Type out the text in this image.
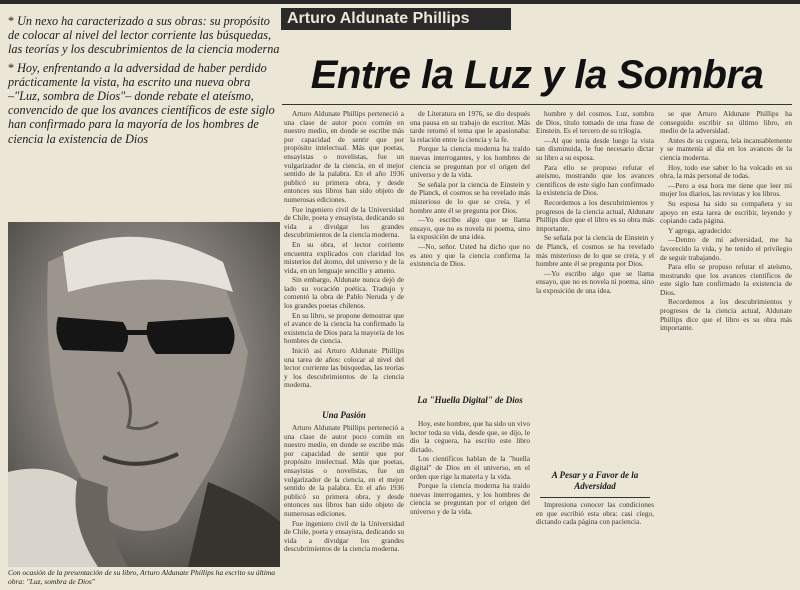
* Un nexo ha caracterizado a sus obras: su propósito de colocar al nivel del lector corriente las búsquedas, las teorías y los descubrimientos de la ciencia moderna
* Hoy, enfrentando a la adversidad de haber perdido prácticamente la vista, ha escrito una nueva obra –"Luz, sombra de Dios"– donde rebate el ateísmo, convencido de que los avances científicos de este siglo han confirmado para la mayoría de los hombres de ciencia la existencia de Dios
Arturo Aldunate Phillips
Entre la Luz y la Sombra
Con ocasión de la presentación de su libro, Arturo Aldunate Phillips ha escrito su última obra: "Luz, sombra de Dios"

Arturo Aldunate Phillips perteneció a una clase de autor poco común en nuestro medio, en donde se escribe más por capacidad de sentir que por propósito intelectual. Más que poetas, ensayistas o novelistas, fue un vulgarizador de la ciencia, en el mejor sentido de la palabra. En el año 1936 publicó su primera obra, y desde entonces sus libros han sido objeto de numerosas ediciones.

Fue ingeniero civil de la Universidad de Chile, poeta y ensayista, dedicando su vida a divulgar los grandes descubrimientos de la ciencia moderna.

En su obra, el lector corriente encuentra explicados con claridad los misterios del átomo, del universo y de la vida, en un lenguaje sencillo y ameno.

Sin embargo, Aldunate nunca dejó de lado su vocación poética. Tradujo y comentó la obra de Pablo Neruda y de los grandes poetas chilenos.

En su libro, se propone demostrar que el avance de la ciencia ha confirmado la existencia de Dios para la mayoría de los hombres de ciencia.

Inició así Arturo Aldunate Phillips una tarea de años: colocar al nivel del lector corriente las búsquedas, las teorías y los descubrimientos de la ciencia moderna.

Una Pasión

Arturo Aldunate Phillips perteneció a una clase de autor poco común en nuestro medio, en donde se escribe más por capacidad de sentir que por propósito intelectual. Más que poetas, ensayistas o novelistas, fue un vulgarizador de la ciencia, en el mejor sentido de la palabra. En el año 1936 publicó su primera obra, y desde entonces sus libros han sido objeto de numerosas ediciones.

Fue ingeniero civil de la Universidad de Chile, poeta y ensayista, dedicando su vida a divulgar los grandes descubrimientos de la ciencia moderna.

de Literatura en 1976, se dio después una pausa en su trabajo de escritor. Más tarde retomó el tema que le apasionaba: la relación entre la ciencia y la fe.

Porque la ciencia moderna ha traído nuevas interrogantes, y los hombres de ciencia se preguntan por el origen del universo y de la vida.

Se señala por la ciencia de Einstein y de Planck, el cosmos se ha revelado más misterioso de lo que se creía, y el hombre ante él se pregunta por Dios.

—Yo escribo algo que se llama ensayo, que no es novela ni poema, sino la exposición de una idea.

—No, señor. Usted ha dicho que no es ateo y que la ciencia confirma la existencia de Dios.

La "Huella Digital" de Dios

Hoy, este hombre, que ha sido un vivo lector toda su vida, desde que, se dijo, le dio la ceguera, ha escrito este libro dictado.

Los científicos hablan de la "huella digital" de Dios en el universo, en el orden que rige la materia y la vida.

Porque la ciencia moderna ha traído nuevas interrogantes, y los hombres de ciencia se preguntan por el origen del universo y de la vida.

hombre y del cosmos. Luz, sombra de Dios, título tomado de una frase de Einstein. Es el tercero de su trilogía.

—Al que tenía desde luego la vista tan disminuida, le fue necesario dictar su libro a su esposa.

Para ello se propuso refutar el ateísmo, mostrando que los avances científicos de este siglo han confirmado la existencia de Dios.

Recordemos a los descubrimientos y progresos de la ciencia actual, Aldunate Phillips dice que el libro es su obra más importante.

Se señala por la ciencia de Einstein y de Planck, el cosmos se ha revelado más misterioso de lo que se creía, y el hombre ante él se pregunta por Dios.

—Yo escribo algo que se llama ensayo, que no es novela ni poema, sino la exposición de una idea.

A Pesar y a Favor de la Adversidad

Impresiona conocer las condiciones en que escribió esta obra: casi ciego, dictando cada página con paciencia.

se que Arturo Aldunate Phillips ha conseguido escribir su último libro, en medio de la adversidad.

Antes de su ceguera, leía incansablemente y se mantenía al día en los avances de la ciencia moderna.

Hoy, todo ese saber lo ha volcado en su obra, la más personal de todas.

—Pero a esa hora me tiene que leer mi mujer los diarios, las revistas y los libros.

Su esposa ha sido su compañera y su apoyo en esta tarea de escribir, leyendo y copiando cada página.

Y agrega, agradecido:

—Dentro de mi adversidad, me ha favorecido la vida, y he tenido el privilegio de seguir trabajando.

Para ello se propuso refutar el ateísmo, mostrando que los avances científicos de este siglo han confirmado la existencia de Dios.

Recordemos a los descubrimientos y progresos de la ciencia actual, Aldunate Phillips dice que el libro es su obra más importante.
